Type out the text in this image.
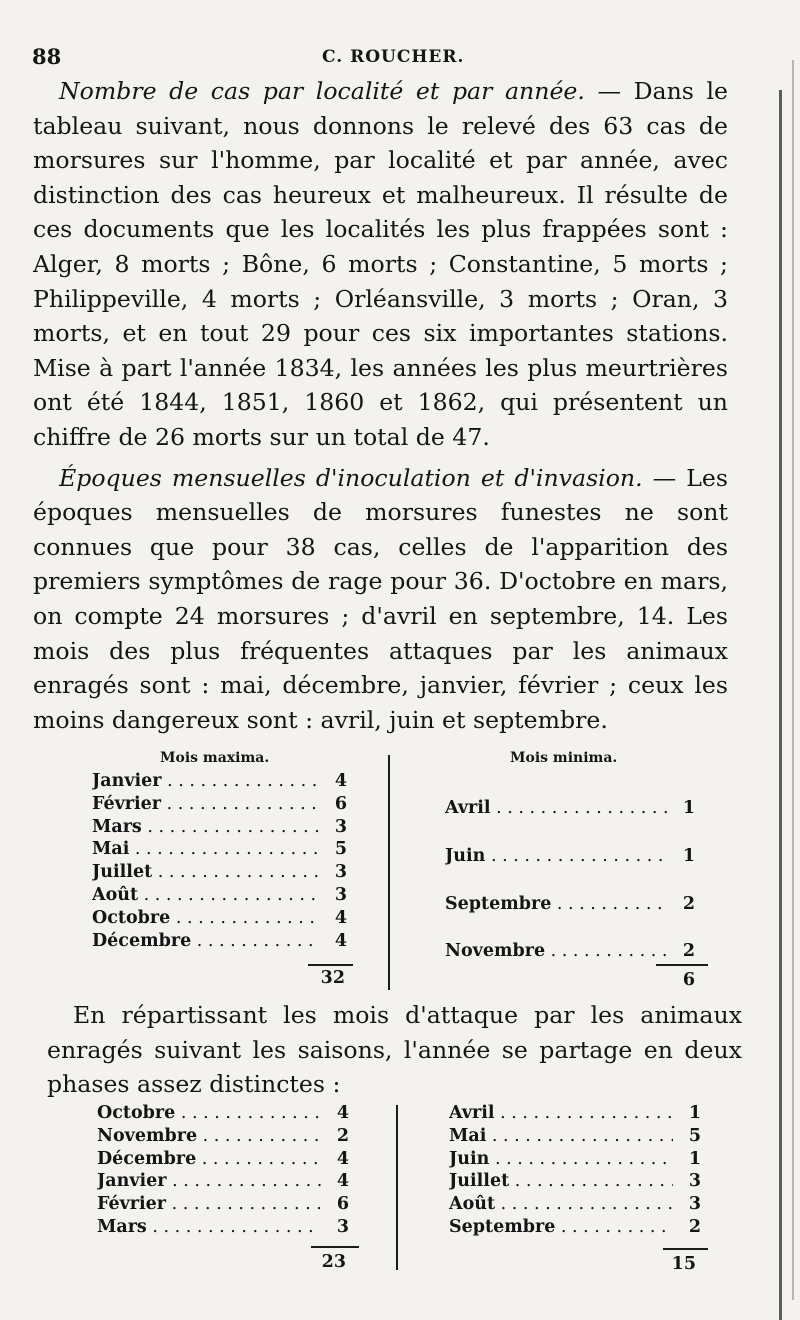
88	C. ROUCHER.

Nombre de cas par localité et par année. — Dans le tableau suivant, nous donnons le relevé des 63 cas de morsures sur l'homme, par localité et par année, avec distinction des cas heureux et malheureux. Il résulte de ces documents que les localités les plus frappées sont : Alger, 8 morts ; Bône, 6 morts ; Constantine, 5 morts ; Philippeville, 4 morts ; Orléansville, 3 morts ; Oran, 3 morts, et en tout 29 pour ces six importantes stations. Mise à part l'année 1834, les années les plus meurtrières ont été 1844, 1851, 1860 et 1862, qui présentent un chiffre de 26 morts sur un total de 47.

Époques mensuelles d'inoculation et d'invasion. — Les époques mensuelles de morsures funestes ne sont connues que pour 38 cas, celles de l'apparition des premiers symptômes de rage pour 36. D'octobre en mars, on compte 24 morsures ; d'avril en septembre, 14. Les mois des plus fréquentes attaques par les animaux enragés sont : mai, décembre, janvier, février ; ceux les moins dangereux sont : avril, juin et septembre.

Mois maxima.	Mois minima.
Janvier . . .	4
Février . . .	6
Mars . . .	3
Mai . . .	5
Juillet . . .	3
Août . . .	3
Octobre . . .	4
Décembre . . .	4
32
Avril . . .	1
Juin . . .	1
Septembre . . .	2
Novembre . . .	2
6

En répartissant les mois d'attaque par les animaux enragés suivant les saisons, l'année se partage en deux phases assez distinctes :

Octobre . . .	4
Novembre . . .	2
Décembre . . .	4
Janvier . . .	4
Février . . .	6
Mars . . .	3
23
Avril . . .	1
Mai . . .	5
Juin . . .	1
Juillet . . .	3
Août . . .	3
Septembre . . .	2
15
